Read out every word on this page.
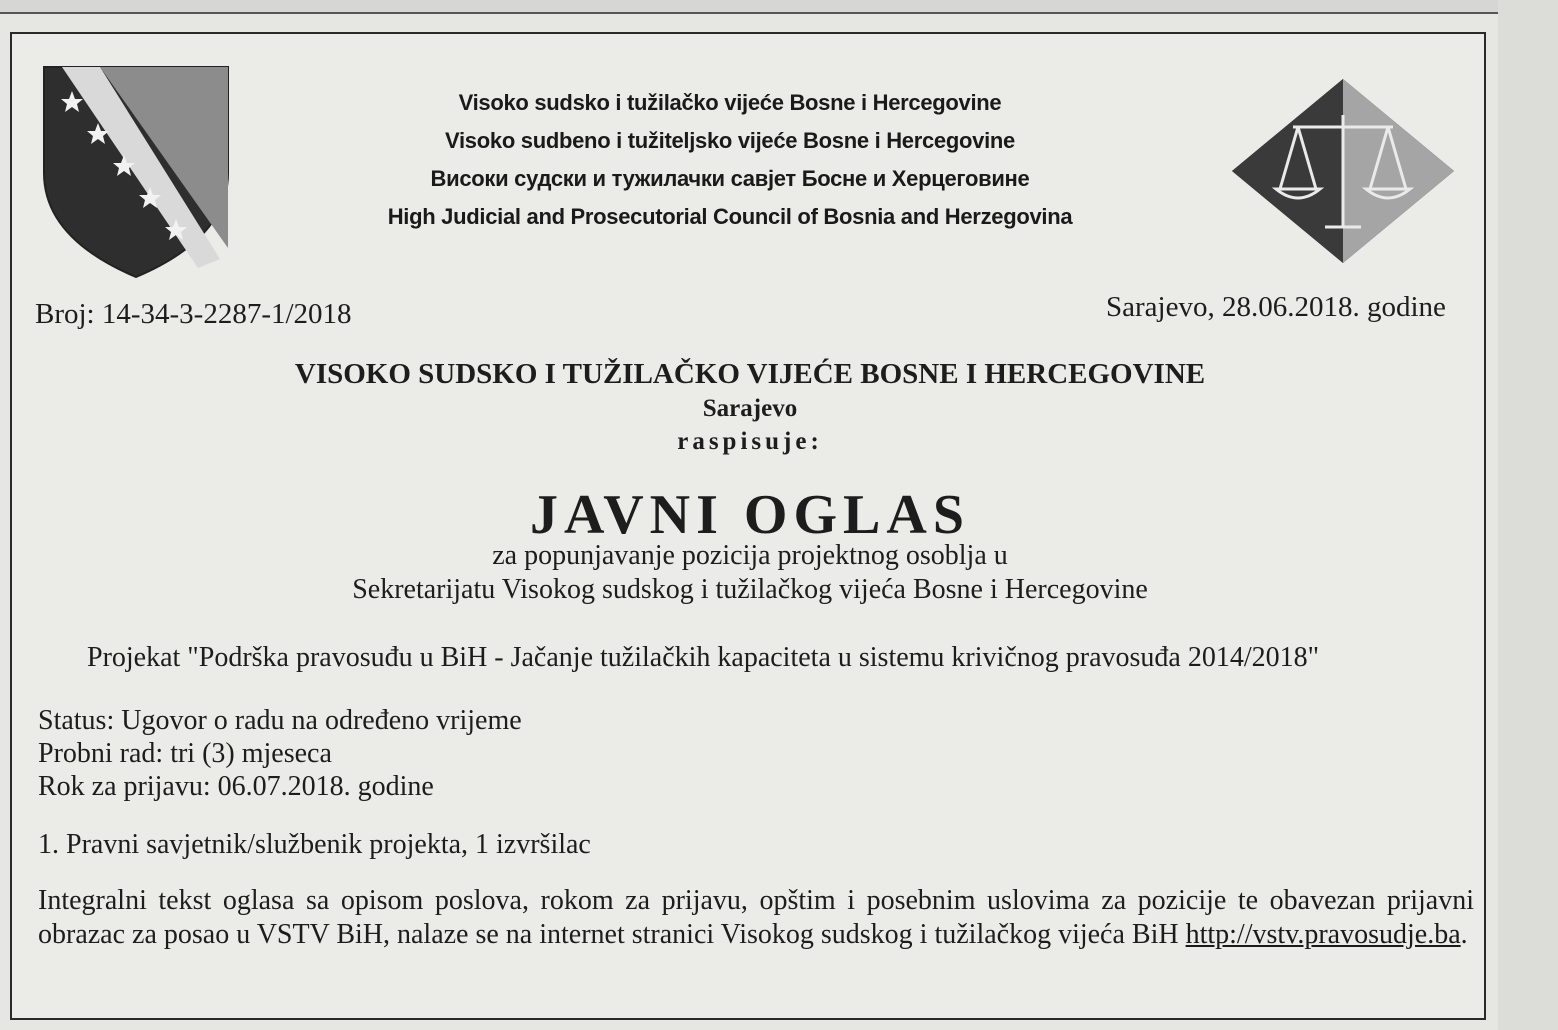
Visoko sudsko i tužilačko vijeće Bosne i Hercegovine
Visoko sudbeno i tužiteljsko vijeće Bosne i Hercegovine
Високи судски и тужилачки савјет Босне и Херцеговине
High Judicial and Prosecutorial Council of Bosnia and Herzegovina
Broj: 14-34-3-2287-1/2018	Sarajevo, 28.06.2018. godine
VISOKO SUDSKO I TUŽILAČKO VIJEĆE BOSNE I HERCEGOVINE
Sarajevo
raspisuje:
JAVNI OGLAS
za popunjavanje pozicija projektnog osoblja u
Sekretarijatu Visokog sudskog i tužilačkog vijeća Bosne i Hercegovine
Projekat "Podrška pravosuđu u BiH - Jačanje tužilačkih kapaciteta u sistemu krivičnog pravosuđa 2014/2018"
Status: Ugovor o radu na određeno vrijeme
Probni rad: tri (3) mjeseca
Rok za prijavu: 06.07.2018. godine
1. Pravni savjetnik/službenik projekta, 1 izvršilac
Integralni tekst oglasa sa opisom poslova, rokom za prijavu, opštim i posebnim uslovima za pozicije te obavezan prijavni obrazac za posao u VSTV BiH, nalaze se na internet stranici Visokog sudskog i tužilačkog vijeća BiH http://vstv.pravosudje.ba.
